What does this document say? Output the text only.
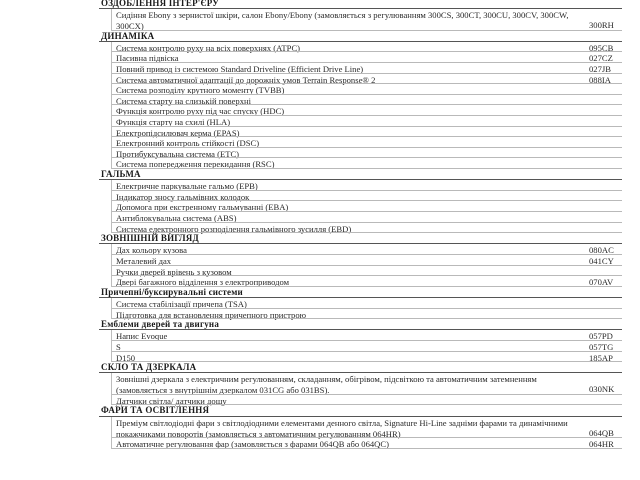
ОЗДОБЛЕННЯ ІНТЕР'ЄРУ
Сидіння Ebony з зернистої шкіри, салон Ebony/Ebony (замовляється з регулюванням 300CS, 300CT, 300CU, 300CV, 300CW, 300CX)	300RH
ДИНАМІКА
Система контролю руху на всіх поверхнях (ATPC)	095CB
Пасивна підвіска	027CZ
Повний привод із системою Standard Driveline (Efficient Drive Line)	027JB
Система автоматичної адаптації до дорожніх умов Terrain Response® 2	088IA
Система розподілу крутного моменту (TVBB)
Система старту на слизькій поверхні
Функція контролю руху під час спуску (HDC)
Функція старту на схилі (HLA)
Електропідсилювач керма (EPAS)
Електронний контроль стійкості (DSC)
Протибуксувальна система (ETC)
Система попередження перекидання (RSC)
ГАЛЬМА
Електричне паркувальне гальмо (EPB)
Індикатор зносу гальмівних колодок
Допомога при екстренному гальмуванні (EBA)
Антиблокувальна система (ABS)
Система електронного розподілення гальмівного зусилля (EBD)
ЗОВНІШНІЙ ВИГЛЯД
Дах кольору кузова	080AC
Металевий дах	041CY
Ручки дверей врівень з кузовом
Двері багажного відділення з електроприводом	070AV
Причепні/буксирувальні системи
Система стабілізації причепа (TSA)
Підготовка для встановлення причепного пристрою
Емблеми дверей та двигуна
Напис Evoque	057PD
S	057TG
D150	185AP
СКЛО ТА ДЗЕРКАЛА
Зовнішні дзеркала з електричним регулюванням, складанням, обігрівом, підсвіткою та автоматичним затемненням (замовляється з внутрішнім дзеркалом 031CG або 031BS).	030NK
Датчики світла/ датчики дощу
ФАРИ ТА ОСВІТЛЕННЯ
Преміум світлодіодні фари з світлодіодними елементами денного світла, Signature Hi-Line задніми фарами та динамічними покажчиками поворотів (замовляється з автоматичним регулюванням 064HR)	064QB
Автоматичне регулювання фар (замовляється з фарами 064QB або 064QC)	064HR
